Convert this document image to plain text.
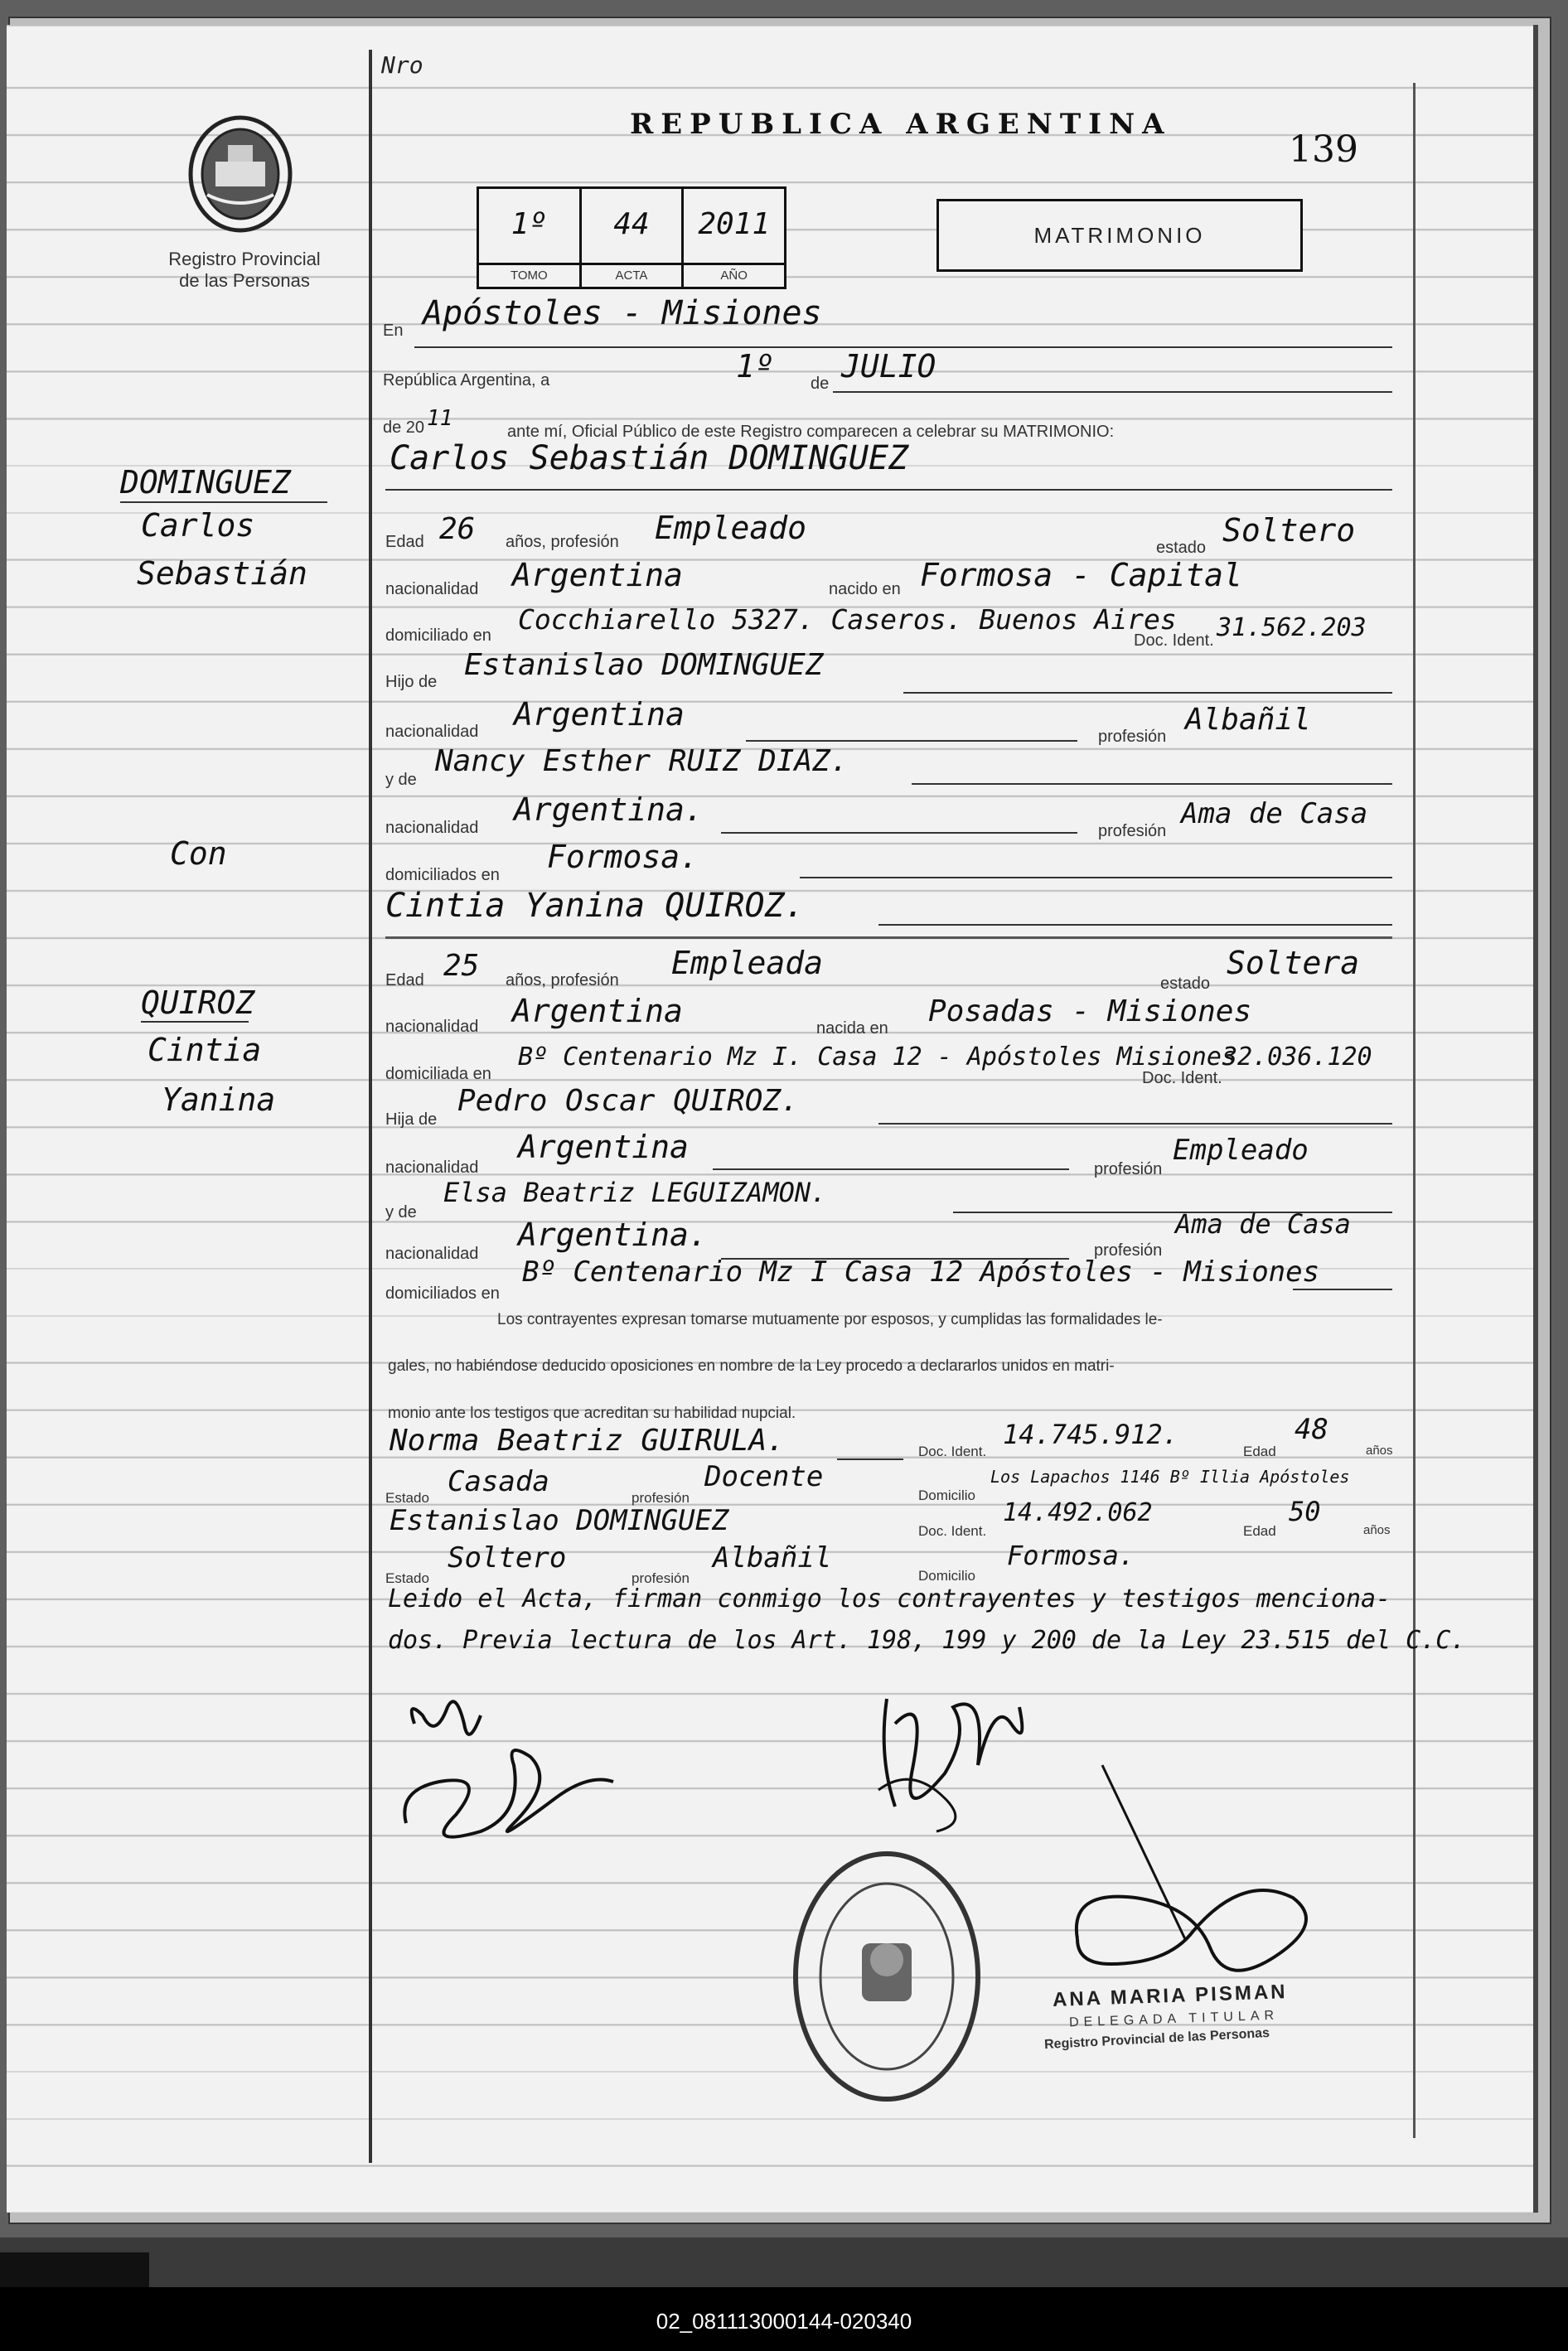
Registro Provincial
de las Personas
Nro
REPUBLICA ARGENTINA
139
1º
TOMO
44
ACTA
2011
AÑO
MATRIMONIO
DOMINGUEZ
Carlos
Sebastián
Con
QUIROZ
Cintia
Yanina
En Apóstoles - Misiones
República Argentina, a	1º de JULIO
de 20 11
ante mí, Oficial Público de este Registro comparecen a celebrar su MATRIMONIO:
Carlos Sebastián DOMINGUEZ
Edad 26 años, profesión Empleado
estado Soltero
nacionalidad Argentina	nacido en Formosa - Capital
domiciliado en Cocchiarello 5327. Caseros. Buenos Aires
Doc. Ident. 31.562.203
Hijo de Estanislao DOMINGUEZ
nacionalidad Argentina
profesión Albañil
y de
Nancy Esther RUIZ DIAZ.
nacionalidad Argentina.
profesión
Ama de Casa
domiciliados en Formosa.
Cintia Yanina QUIROZ.
Edad 25 años, profesión Empleada
estado
Soltera
nacionalidad Argentina	nacida en Posadas - Misiones
domiciliada en
Bº Centenario Mz I. Casa 12 - Apóstoles Misiones
Doc. Ident.
32.036.120
Hija de
Pedro Oscar QUIROZ.
nacionalidad
Argentina
profesión
Empleado
y de
Elsa Beatriz LEGUIZAMON.
nacionalidad
Argentina.	profesión
Ama de Casa
domiciliados en
Bº Centenario Mz I Casa 12 Apóstoles - Misiones
Los contrayentes expresan tomarse mutuamente por esposos, y cumplidas las formalidades le-
gales, no habiéndose deducido oposiciones en nombre de la Ley procedo a declararlos unidos en matri-
monio ante los testigos que acreditan su habilidad nupcial.
Norma Beatriz GUIRULA.	Doc. Ident.
14.745.912.
Edad
48
años
Estado Casada	profesión
Docente
Domicilio
Los Lapachos 1146 Bº Illia Apóstoles
Estanislao DOMINGUEZ	Doc. Ident.
14.492.062
Edad
50
años
Estado
Soltero
profesión
Albañil
Domicilio
Formosa.
Leido el Acta, firman conmigo los contrayentes y testigos menciona-
dos. Previa lectura de los Art. 198, 199 y 200 de la Ley 23.515 del C.C.
ANA MARIA PISMAN
DELEGADA TITULAR
Registro Provincial de las Personas
02_081113000144-020340
